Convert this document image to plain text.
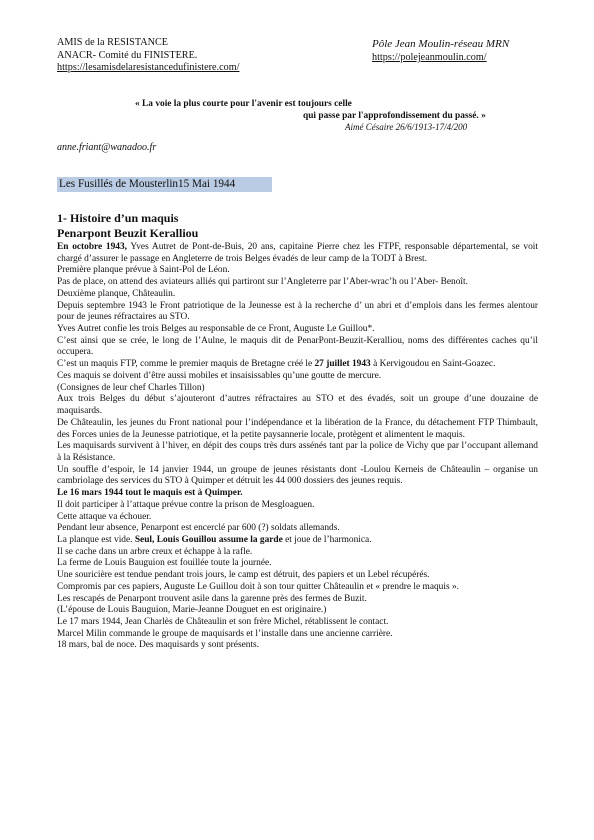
AMIS de la RESISTANCE
ANACR- Comité du FINISTERE.
https://lesamisdelaresistancedufinistere.com/
Pôle Jean Moulin-réseau MRN
https://polejeanmoulin.com/
« La voie la plus courte pour l'avenir est toujours celle
qui passe par l'approfondissement du passé. »
Aimé Césaire 26/6/1913-17/4/200
anne.friant@wanadoo.fr
Les Fusillés de Mousterlin15 Mai 1944
1- Histoire d’un maquis
Penarpont Beuzit Keralliou

En octobre 1943, Yves Autret de Pont-de-Buis, 20 ans, capitaine Pierre chez les FTPF, responsable départemental, se voit chargé d’assurer le passage en Angleterre de trois Belges évadés de leur camp de la TODT à Brest.

Première planque prévue à Saint-Pol de Léon.

Pas de place, on attend des aviateurs alliés qui partiront sur l’Angleterre par l’Aber-wrac’h ou l’Aber- Benoît.

Deuxième planque, Châteaulin.

Depuis septembre 1943 le Front patriotique de la Jeunesse est à la recherche d’ un abri et d’emplois dans les fermes alentour pour de jeunes réfractaires au STO.

Yves Autret confie les trois Belges au responsable de ce Front, Auguste Le Guillou*.

C’est ainsi que se crée, le long de l’Aulne, le maquis dit de PenarPont-Beuzit-Keralliou, noms des différentes caches qu’il occupera.

C’est un maquis FTP, comme le premier maquis de Bretagne créé le 27 juillet 1943 à Kervigoudou en Saint-Goazec.

Ces maquis se doivent d’être aussi mobiles et insaisissables qu’une goutte de mercure.

(Consignes de leur chef Charles Tillon)

Aux trois Belges du début s’ajouteront d’autres réfractaires au STO et des évadés, soit un groupe d’une douzaine de maquisards.

De Châteaulin, les jeunes du Front national pour l’indépendance et la libération de la France, du détachement FTP Thimbault, des Forces unies de la Jeunesse patriotique, et la petite paysannerie locale, protègent et alimentent le maquis.

Les maquisards survivent à l’hiver, en dépit des coups très durs assénés tant par la police de Vichy que par l’occupant allemand à la Résistance.

Un souffle d’espoir, le 14 janvier 1944, un groupe de jeunes résistants dont -Loulou Kerneis de Châteaulin – organise un cambriolage des services du STO à Quimper et détruit les 44 000 dossiers des jeunes requis.

Le 16 mars 1944 tout le maquis est à Quimper.

Il doit participer à l’attaque prévue contre la prison de Mesgloaguen.

Cette attaque va échouer.

Pendant leur absence, Penarpont est encerclé par 600 (?) soldats allemands.

La planque est vide. Seul, Louis Gouillou assume la garde et joue de l’harmonica.

Il se cache dans un arbre creux et échappe à la rafle.

La ferme de Louis Bauguion est fouillée toute la journée.

Une souricière est tendue pendant trois jours, le camp est détruit, des papiers et un Lebel récupérés.

Compromis par ces papiers, Auguste Le Guillou doit à son tour quitter Châteaulin et « prendre le maquis ».

Les rescapés de Penarpont trouvent asile dans la garenne près des fermes de Buzit.

(L’épouse de Louis Bauguion, Marie-Jeanne Douguet en est originaire.)

Le 17 mars 1944, Jean Charlès de Châteaulin et son frère Michel, rétablissent le contact.

Marcel Milin commande le groupe de maquisards et l’installe dans une ancienne carrière.

18 mars, bal de noce. Des maquisards y sont présents.
